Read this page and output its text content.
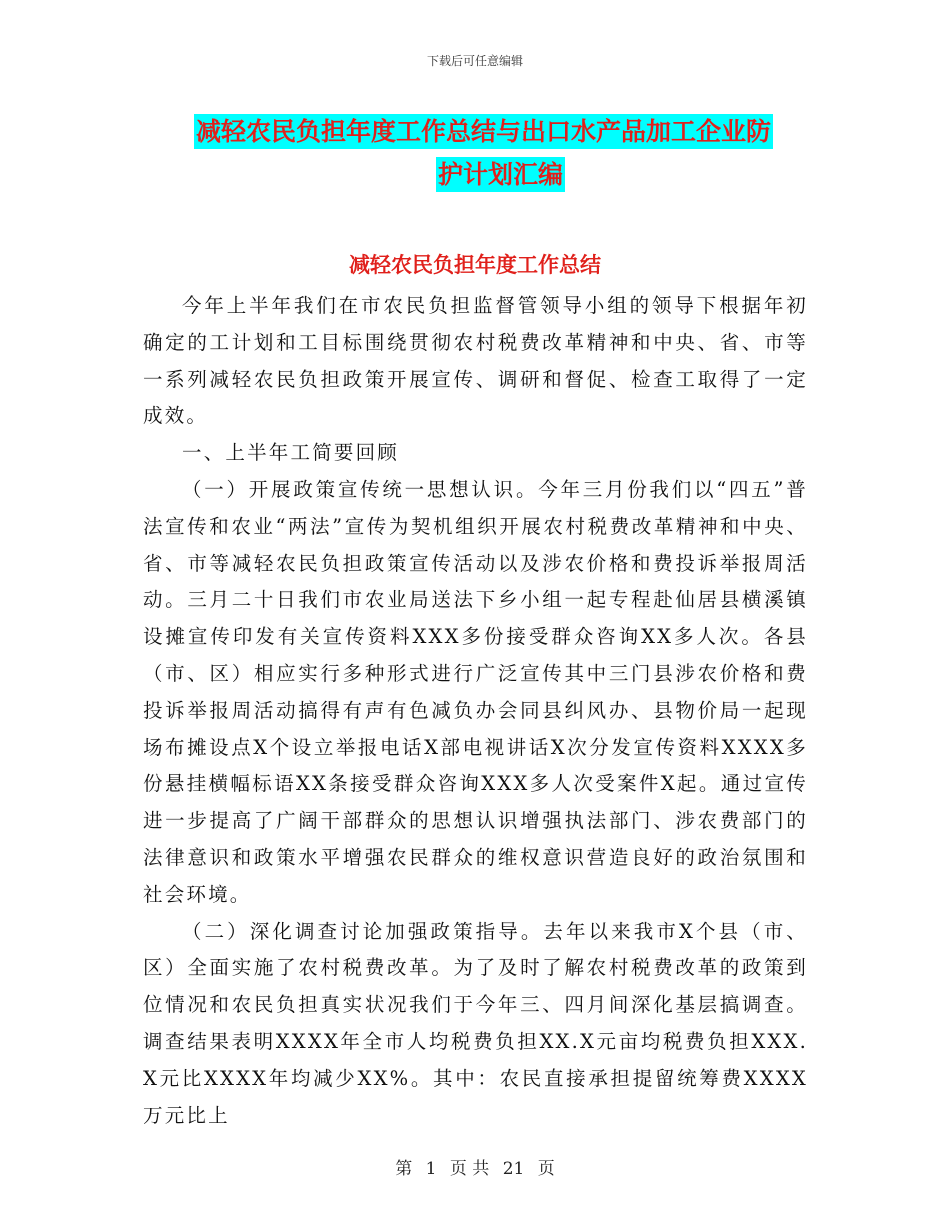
下载后可任意编辑
减轻农民负担年度工作总结与出口水产品加工企业防
护计划汇编
减轻农民负担年度工作总结

今年上半年我们在市农民负担监督管领导小组的领导下根据年初确定的工计划和工目标围绕贯彻农村税费改革精神和中央、省、市等一系列减轻农民负担政策开展宣传、调研和督促、检查工取得了一定成效。

一、上半年工简要回顾

（一）开展政策宣传统一思想认识。今年三月份我们以“四五”普法宣传和农业“两法”宣传为契机组织开展农村税费改革精神和中央、省、市等减轻农民负担政策宣传活动以及涉农价格和费投诉举报周活动。三月二十日我们市农业局送法下乡小组一起专程赴仙居县横溪镇设摊宣传印发有关宣传资料XXX多份接受群众咨询XX多人次。各县（市、区）相应实行多种形式进行广泛宣传其中三门县涉农价格和费投诉举报周活动搞得有声有色减负办会同县纠风办、县物价局一起现场布摊设点X个设立举报电话X部电视讲话X次分发宣传资料XXXX多份悬挂横幅标语XX条接受群众咨询XXX多人次受案件X起。通过宣传进一步提高了广阔干部群众的思想认识增强执法部门、涉农费部门的法律意识和政策水平增强农民群众的维权意识营造良好的政治氛围和社会环境。

（二）深化调查讨论加强政策指导。去年以来我市X个县（市、区）全面实施了农村税费改革。为了及时了解农村税费改革的政策到位情况和农民负担真实状况我们于今年三、四月间深化基层搞调查。调查结果表明XXXX年全市人均税费负担XX.X元亩均税费负担XXX.X元比XXXX年均减少XX%。其中：农民直接承担提留统筹费XXXX万元比上

第 1 页 共 21 页
